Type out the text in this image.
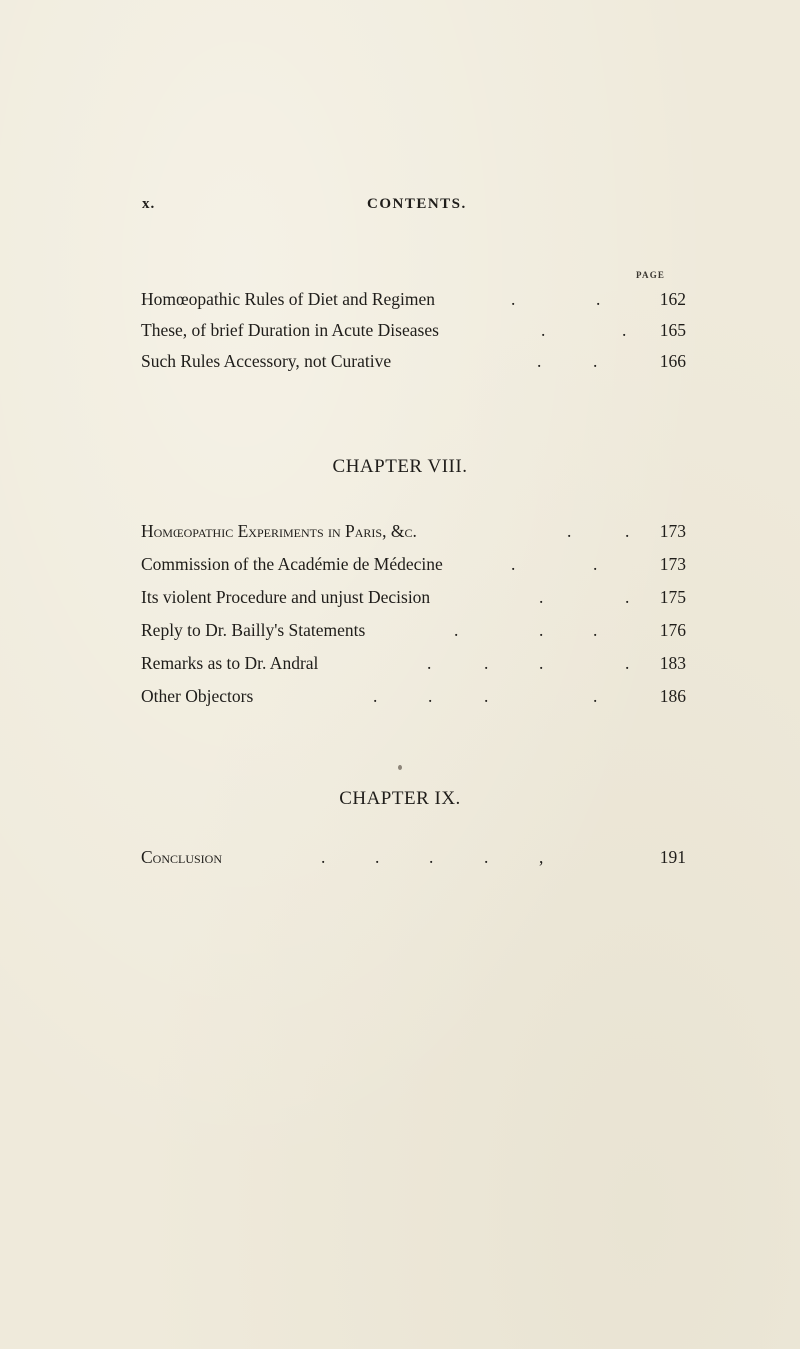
x.	CONTENTS.
PAGE
Homœopathic Rules of Diet and Regimen	.	.	162
These, of brief Duration in Acute Diseases	.	. 165
Such Rules Accessory, not Curative	.	.	166
CHAPTER VIII.
Homœopathic Experiments in Paris, &c.	.	. 173
Commission of the Académie de Médecine	.	.	173
Its violent Procedure and unjust Decision	.	. 175
Reply to Dr. Bailly's Statements	.	.	.	176
Remarks as to Dr. Andral	.	.	.	. 183
Other Objectors	.	.	.	.	186
CHAPTER IX.
Conclusion	.	.	.	.	,	191
